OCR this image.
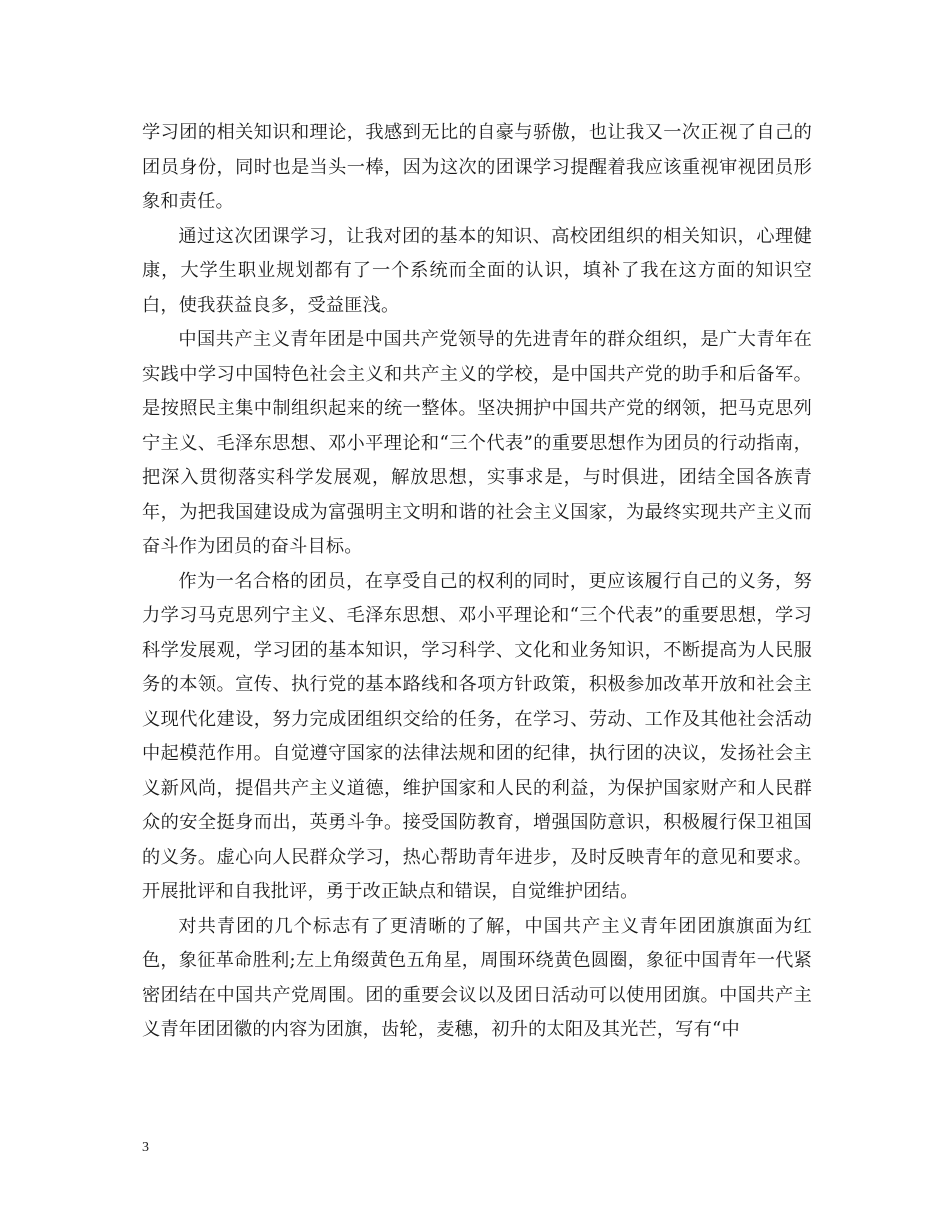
学习团的相关知识和理论，我感到无比的自豪与骄傲，也让我又一次正视了自己的团员身份，同时也是当头一棒，因为这次的团课学习提醒着我应该重视审视团员形象和责任。

通过这次团课学习，让我对团的基本的知识、高校团组织的相关知识，心理健康，大学生职业规划都有了一个系统而全面的认识，填补了我在这方面的知识空白，使我获益良多，受益匪浅。

中国共产主义青年团是中国共产党领导的先进青年的群众组织，是广大青年在实践中学习中国特色社会主义和共产主义的学校，是中国共产党的助手和后备军。是按照民主集中制组织起来的统一整体。坚决拥护中国共产党的纲领，把马克思列宁主义、毛泽东思想、邓小平理论和“三个代表”的重要思想作为团员的行动指南，把深入贯彻落实科学发展观，解放思想，实事求是，与时俱进，团结全国各族青年，为把我国建设成为富强明主文明和谐的社会主义国家，为最终实现共产主义而奋斗作为团员的奋斗目标。

作为一名合格的团员，在享受自己的权利的同时，更应该履行自己的义务，努力学习马克思列宁主义、毛泽东思想、邓小平理论和“三个代表”的重要思想，学习科学发展观，学习团的基本知识，学习科学、文化和业务知识，不断提高为人民服务的本领。宣传、执行党的基本路线和各项方针政策，积极参加改革开放和社会主义现代化建设，努力完成团组织交给的任务，在学习、劳动、工作及其他社会活动中起模范作用。自觉遵守国家的法律法规和团的纪律，执行团的决议，发扬社会主义新风尚，提倡共产主义道德，维护国家和人民的利益，为保护国家财产和人民群众的安全挺身而出，英勇斗争。接受国防教育，增强国防意识，积极履行保卫祖国的义务。虚心向人民群众学习，热心帮助青年进步，及时反映青年的意见和要求。开展批评和自我批评，勇于改正缺点和错误，自觉维护团结。

对共青团的几个标志有了更清晰的了解，中国共产主义青年团团旗旗面为红色，象征革命胜利;左上角缀黄色五角星，周围环绕黄色圆圈，象征中国青年一代紧密团结在中国共产党周围。团的重要会议以及团日活动可以使用团旗。中国共产主义青年团团徽的内容为团旗，齿轮，麦穗，初升的太阳及其光芒，写有“中

3
